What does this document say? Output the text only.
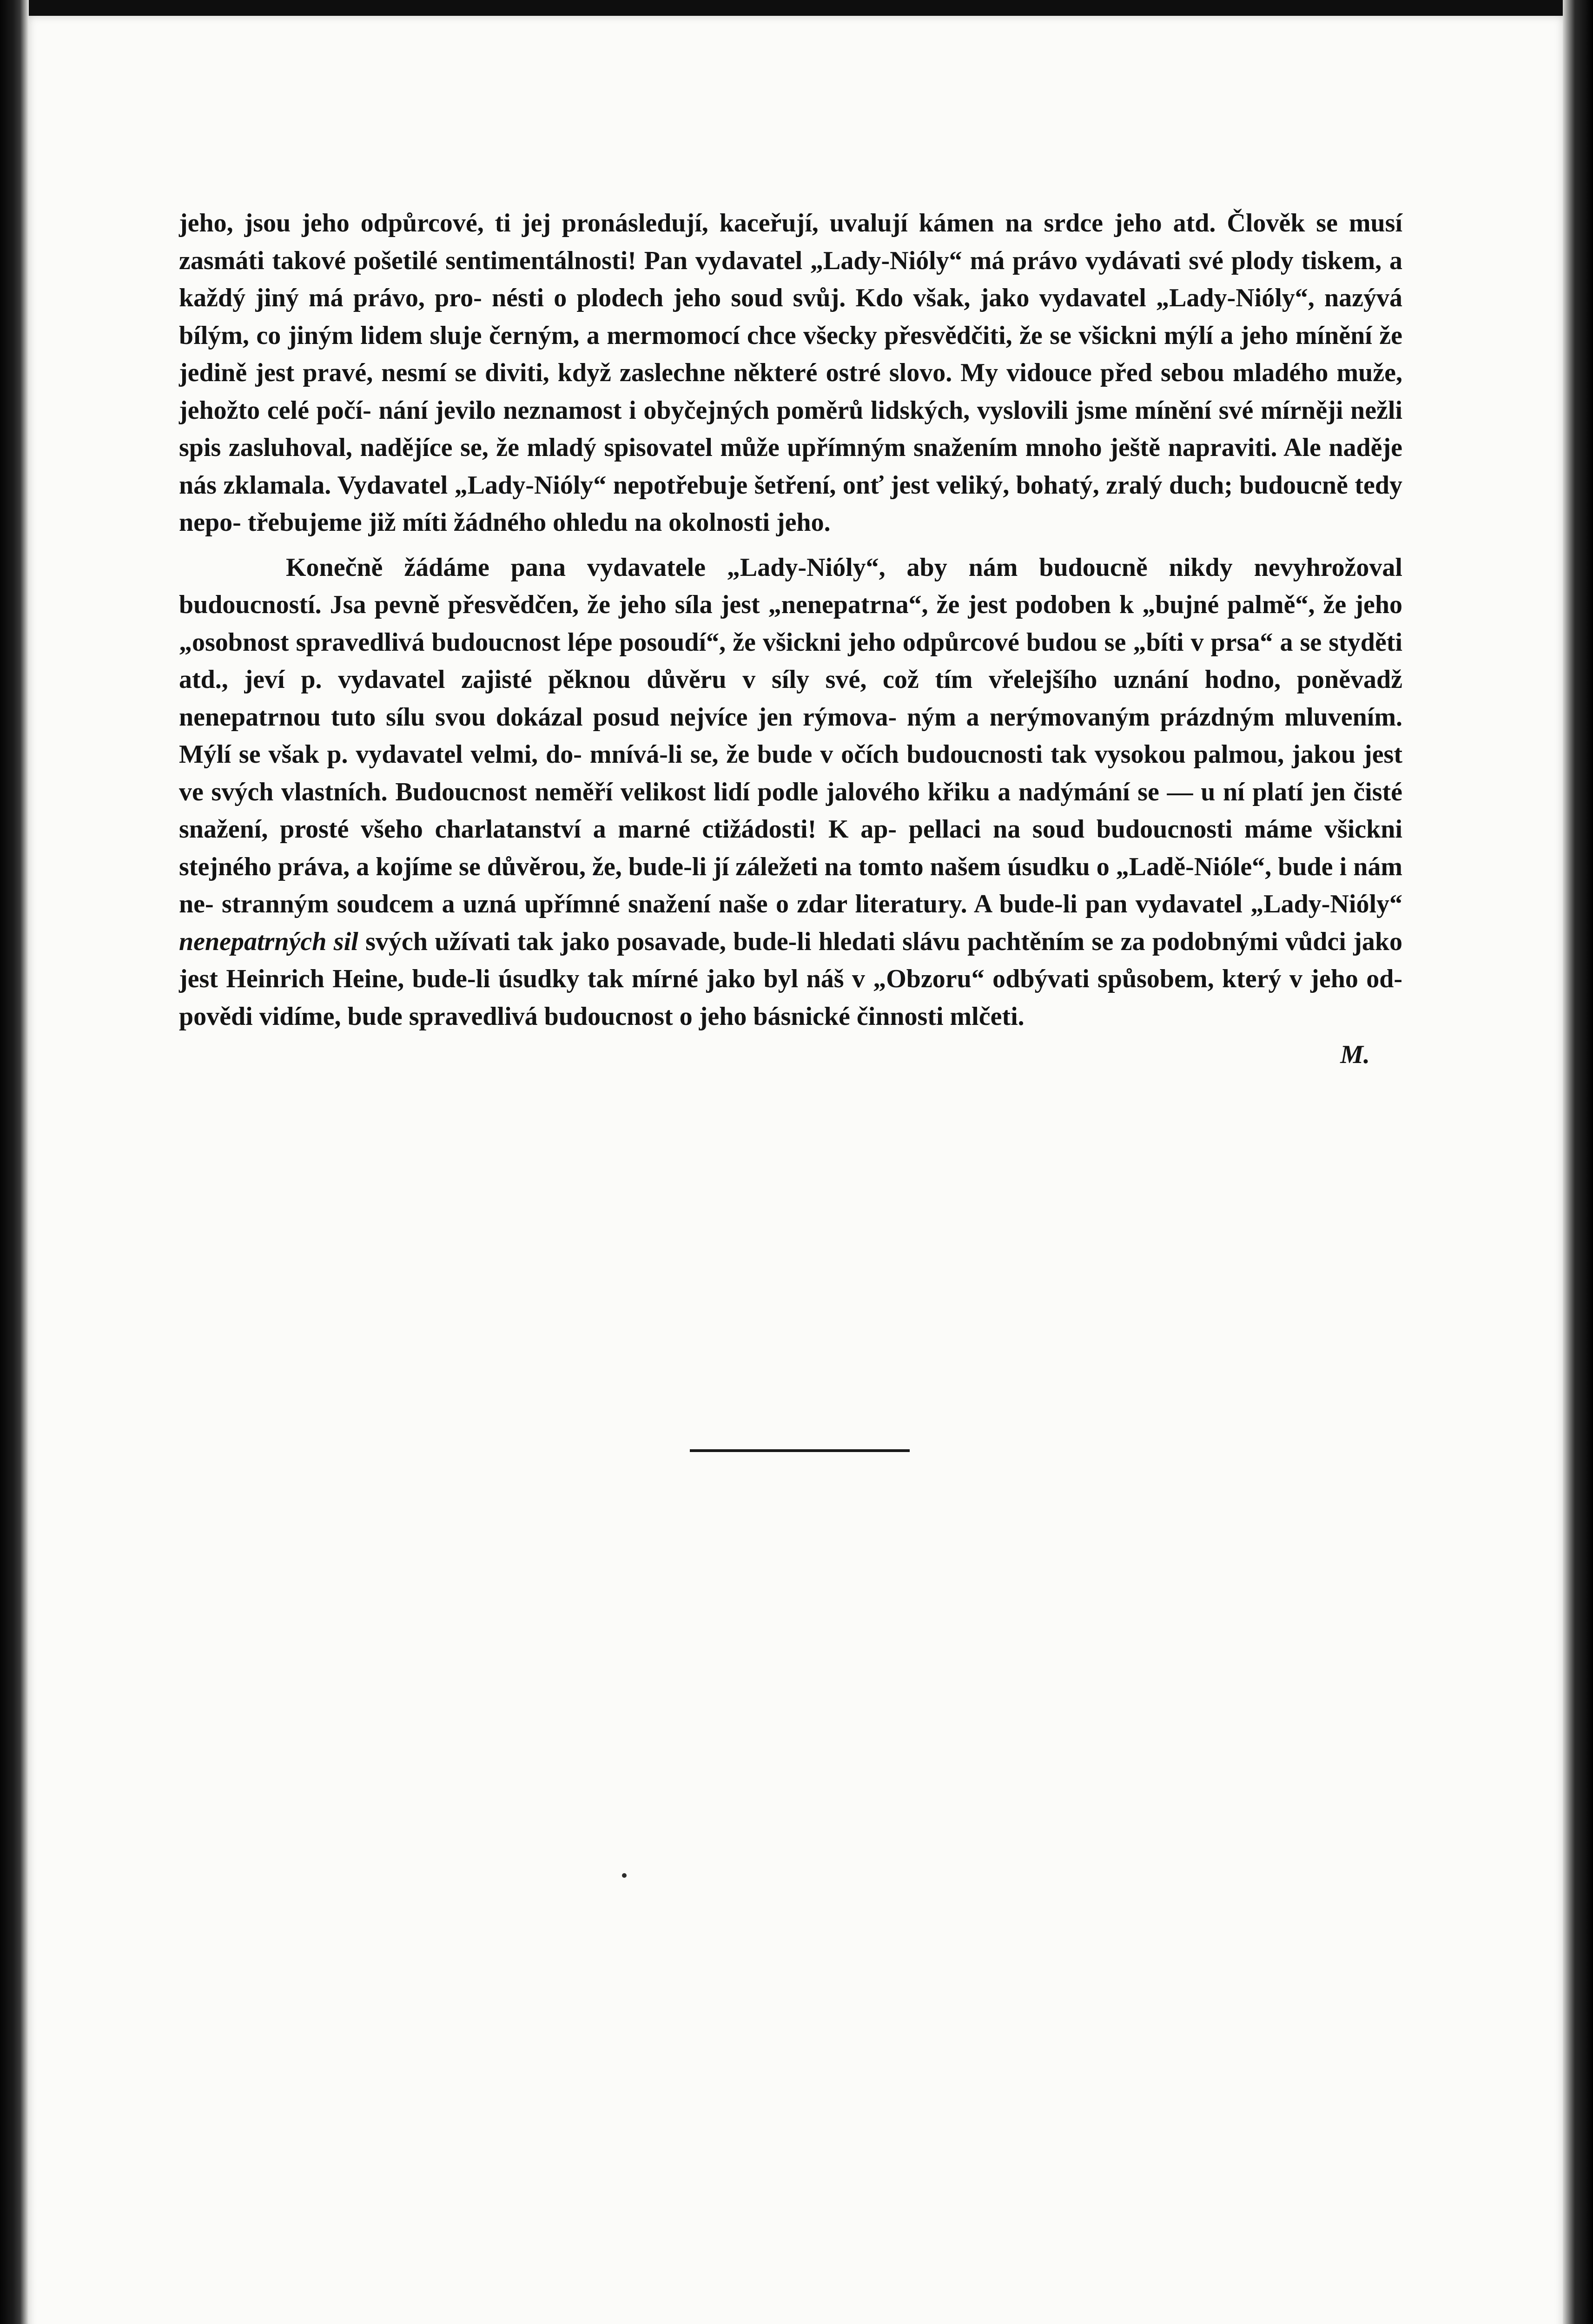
jeho, jsou jeho odpůrcové, ti jej pronásledují, kaceřují, uvalují kámen na srdce jeho atd. Člověk se musí zasmáti takové pošetilé sentimentálnosti! Pan vydavatel „Lady-Nióly“ má právo vydávati své plody tiskem, a každý jiný má právo, pro- nésti o plodech jeho soud svůj. Kdo však, jako vydavatel „Lady-Nióly“, nazývá bílým, co jiným lidem sluje černým, a mermomocí chce všecky přesvědčiti, že se všickni mýlí a jeho mínění že jedině jest pravé, nesmí se diviti, když zaslechne některé ostré slovo. My vidouce před sebou mladého muže, jehožto celé počí- nání jevilo neznamost i obyčejných poměrů lidských, vyslovili jsme mínění své mírněji nežli spis zasluhoval, nadějíce se, že mladý spisovatel může upřímným snažením mnoho ještě napraviti. Ale naděje nás zklamala. Vydavatel „Lady-Nióly“ nepotřebuje šetření, onť jest veliký, bohatý, zralý duch; budoucně tedy nepo- třebujeme již míti žádného ohledu na okolnosti jeho.

Konečně žádáme pana vydavatele „Lady-Nióly“, aby nám budoucně nikdy nevyhrožoval budoucností. Jsa pevně přesvědčen, že jeho síla jest „nenepatrna“, že jest podoben k „bujné palmě“, že jeho „osobnost spravedlivá budoucnost lépe posoudí“, že všickni jeho odpůrcové budou se „bíti v prsa“ a se styděti atd., jeví p. vydavatel zajisté pěknou důvěru v síly své, což tím vřelejšího uznání hodno, poněvadž nenepatrnou tuto sílu svou dokázal posud nejvíce jen rýmova- ným a nerýmovaným prázdným mluvením. Mýlí se však p. vydavatel velmi, do- mnívá-li se, že bude v očích budoucnosti tak vysokou palmou, jakou jest ve svých vlastních. Budoucnost neměří velikost lidí podle jalového křiku a nadýmání se — u ní platí jen čisté snažení, prosté všeho charlatanství a marné ctižádosti! K ap- pellaci na soud budoucnosti máme všickni stejného práva, a kojíme se důvěrou, že, bude-li jí záležeti na tomto našem úsudku o „Ladě-Nióle“, bude i nám ne- stranným soudcem a uzná upřímné snažení naše o zdar literatury. A bude-li pan vydavatel „Lady-Nióly“ nenepatrných sil svých užívati tak jako posavade, bude-li hledati slávu pachtěním se za podobnými vůdci jako jest Heinrich Heine, bude-li úsudky tak mírné jako byl náš v „Obzoru“ odbývati spůsobem, který v jeho od- povědi vidíme, bude spravedlivá budoucnost o jeho básnické činnosti mlčeti.

M.
